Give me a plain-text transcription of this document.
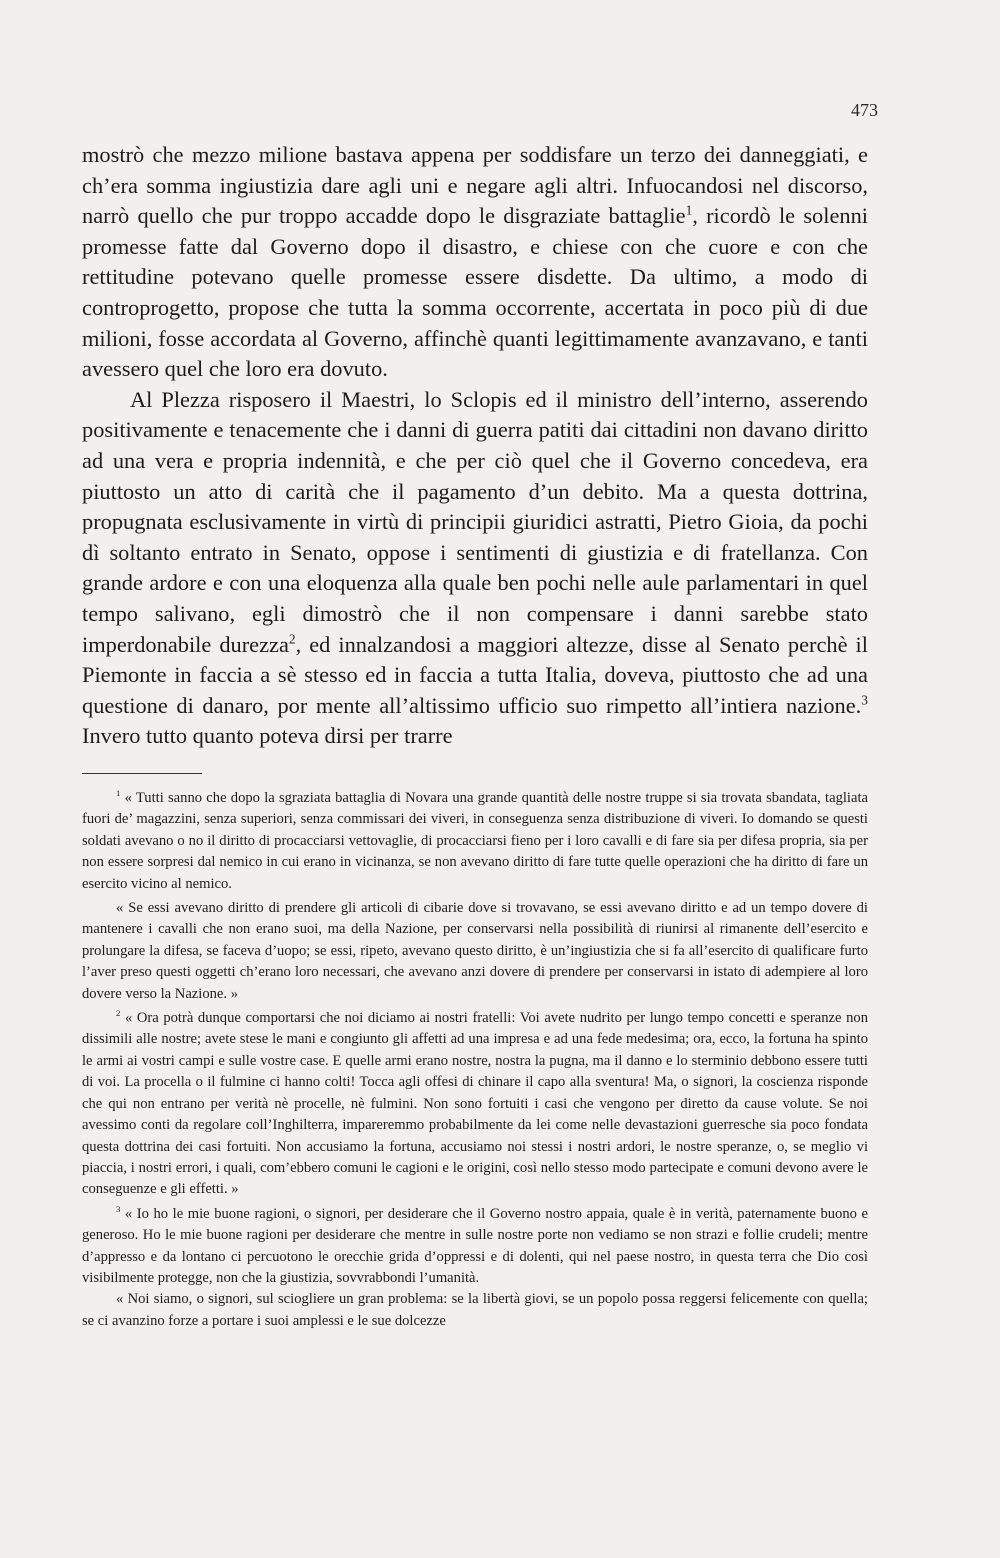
473

mostrò che mezzo milione bastava appena per soddisfare un terzo dei danneggiati, e ch’era somma ingiustizia dare agli uni e negare agli altri. Infuocandosi nel discorso, narrò quello che pur troppo accadde dopo le disgraziate battaglie$^1$, ricordò le solenni promesse fatte dal Governo dopo il disastro, e chiese con che cuore e con che rettitudine potevano quelle promesse essere disdette. Da ultimo, a modo di controprogetto, propose che tutta la somma occorrente, accertata in poco più di due milioni, fosse accordata al Governo, affinchè quanti legittimamente avanzavano, e tanti avessero quel che loro era dovuto.

Al Plezza risposero il Maestri, lo Sclopis ed il ministro dell’interno, asserendo positivamente e tenacemente che i danni di guerra patiti dai cittadini non davano diritto ad una vera e propria indennità, e che per ciò quel che il Governo concedeva, era piuttosto un atto di carità che il pagamento d’un debito. Ma a questa dottrina, propugnata esclusivamente in virtù di principii giuridici astratti, Pietro Gioia, da pochi dì soltanto entrato in Senato, oppose i sentimenti di giustizia e di fratellanza. Con grande ardore e con una eloquenza alla quale ben pochi nelle aule parlamentari in quel tempo salivano, egli dimostrò che il non compensare i danni sarebbe stato imperdonabile durezza$^2$, ed innalzandosi a maggiori altezze, disse al Senato perchè il Piemonte in faccia a sè stesso ed in faccia a tutta Italia, doveva, piuttosto che ad una questione di danaro, por mente all’altissimo ufficio suo rimpetto all’intiera nazione.$^3$ Invero tutto quanto poteva dirsi per trarre

$^1$ « Tutti sanno che dopo la sgraziata battaglia di Novara una grande quantità delle nostre truppe si sia trovata sbandata, tagliata fuori de’ magazzini, senza superiori, senza commissari dei viveri, in conseguenza senza distribuzione di viveri. Io domando se questi soldati avevano o no il diritto di procacciarsi vettovaglie, di procacciarsi fieno per i loro cavalli e di fare sia per difesa propria, sia per non essere sorpresi dal nemico in cui erano in vicinanza, se non avevano diritto di fare tutte quelle operazioni che ha diritto di fare un esercito vicino al nemico.

« Se essi avevano diritto di prendere gli articoli di cibarie dove si trovavano, se essi avevano diritto e ad un tempo dovere di mantenere i cavalli che non erano suoi, ma della Nazione, per conservarsi nella possibilità di riunirsi al rimanente dell’esercito e prolungare la difesa, se faceva d’uopo; se essi, ripeto, avevano questo diritto, è un’ingiustizia che si fa all’esercito di qualificare furto l’aver preso questi oggetti ch’erano loro necessari, che avevano anzi dovere di prendere per conservarsi in istato di adempiere al loro dovere verso la Nazione. »

$^2$ « Ora potrà dunque comportarsi che noi diciamo ai nostri fratelli: Voi avete nudrito per lungo tempo concetti e speranze non dissimili alle nostre; avete stese le mani e congiunto gli affetti ad una impresa e ad una fede medesima; ora, ecco, la fortuna ha spinto le armi ai vostri campi e sulle vostre case. E quelle armi erano nostre, nostra la pugna, ma il danno e lo sterminio debbono essere tutti di voi. La procella o il fulmine ci hanno colti! Tocca agli offesi di chinare il capo alla sventura! Ma, o signori, la coscienza risponde che qui non entrano per verità nè procelle, nè fulmini. Non sono fortuiti i casi che vengono per diretto da cause volute. Se noi avessimo conti da regolare coll’Inghilterra, impareremmo probabilmente da lei come nelle devastazioni guerresche sia poco fondata questa dottrina dei casi fortuiti. Non accusiamo la fortuna, accusiamo noi stessi i nostri ardori, le nostre speranze, o, se meglio vi piaccia, i nostri errori, i quali, com’ebbero comuni le cagioni e le origini, così nello stesso modo partecipate e comuni devono avere le conseguenze e gli effetti. »

$^3$ « Io ho le mie buone ragioni, o signori, per desiderare che il Governo nostro appaia, quale è in verità, paternamente buono e generoso. Ho le mie buone ragioni per desiderare che mentre in sulle nostre porte non vediamo se non strazi e follie crudeli; mentre d’appresso e da lontano ci percuotono le orecchie grida d’oppressi e di dolenti, qui nel paese nostro, in questa terra che Dio così visibilmente protegge, non che la giustizia, sovvrabbondi l’umanità.

« Noi siamo, o signori, sul sciogliere un gran problema: se la libertà giovi, se un popolo possa reggersi felicemente con quella; se ci avanzino forze a portare i suoi amplessi e le sue dolcezze
